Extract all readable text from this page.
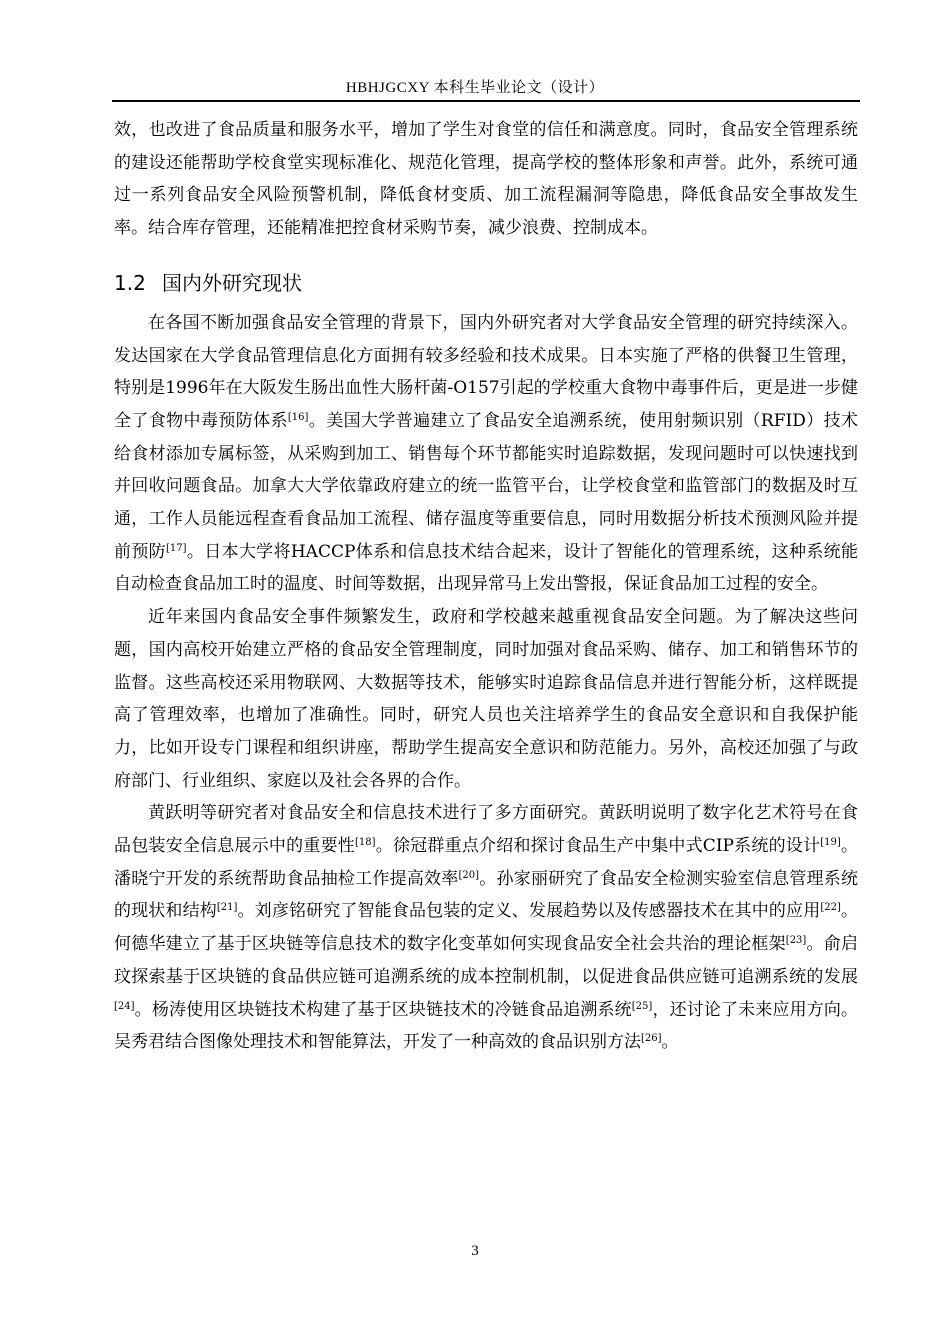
HBHJGCXY 本科生毕业论文（设计）

效，也改进了食品质量和服务水平，增加了学生对食堂的信任和满意度。同时，食品安全管理系统的建设还能帮助学校食堂实现标准化、规范化管理，提高学校的整体形象和声誉。此外，系统可通过一系列食品安全风险预警机制，降低食材变质、加工流程漏洞等隐患，降低食品安全事故发生率。结合库存管理，还能精准把控食材采购节奏，减少浪费、控制成本。

1.2 国内外研究现状

在各国不断加强食品安全管理的背景下，国内外研究者对大学食品安全管理的研究持续深入。发达国家在大学食品管理信息化方面拥有较多经验和技术成果。日本实施了严格的供餐卫生管理，特别是1996年在大阪发生肠出血性大肠杆菌-O157引起的学校重大食物中毒事件后，更是进一步健全了食物中毒预防体系[16]。美国大学普遍建立了食品安全追溯系统，使用射频识别（RFID）技术给食材添加专属标签，从采购到加工、销售每个环节都能实时追踪数据，发现问题时可以快速找到并回收问题食品。加拿大大学依靠政府建立的统一监管平台，让学校食堂和监管部门的数据及时互通，工作人员能远程查看食品加工流程、储存温度等重要信息，同时用数据分析技术预测风险并提前预防[17]。日本大学将HACCP体系和信息技术结合起来，设计了智能化的管理系统，这种系统能自动检查食品加工时的温度、时间等数据，出现异常马上发出警报，保证食品加工过程的安全。

近年来国内食品安全事件频繁发生，政府和学校越来越重视食品安全问题。为了解决这些问题，国内高校开始建立严格的食品安全管理制度，同时加强对食品采购、储存、加工和销售环节的监督。这些高校还采用物联网、大数据等技术，能够实时追踪食品信息并进行智能分析，这样既提高了管理效率，也增加了准确性。同时，研究人员也关注培养学生的食品安全意识和自我保护能力，比如开设专门课程和组织讲座，帮助学生提高安全意识和防范能力。另外，高校还加强了与政府部门、行业组织、家庭以及社会各界的合作。

黄跃明等研究者对食品安全和信息技术进行了多方面研究。黄跃明说明了数字化艺术符号在食品包装安全信息展示中的重要性[18]。徐冠群重点介绍和探讨食品生产中集中式CIP系统的设计[19]。潘晓宁开发的系统帮助食品抽检工作提高效率[20]。孙家丽研究了食品安全检测实验室信息管理系统的现状和结构[21]。刘彦铭研究了智能食品包装的定义、发展趋势以及传感器技术在其中的应用[22]。何德华建立了基于区块链等信息技术的数字化变革如何实现食品安全社会共治的理论框架[23]。俞启玟探索基于区块链的食品供应链可追溯系统的成本控制机制，以促进食品供应链可追溯系统的发展[24]。杨涛使用区块链技术构建了基于区块链技术的冷链食品追溯系统[25]，还讨论了未来应用方向。吴秀君结合图像处理技术和智能算法，开发了一种高效的食品识别方法[26]。

3
